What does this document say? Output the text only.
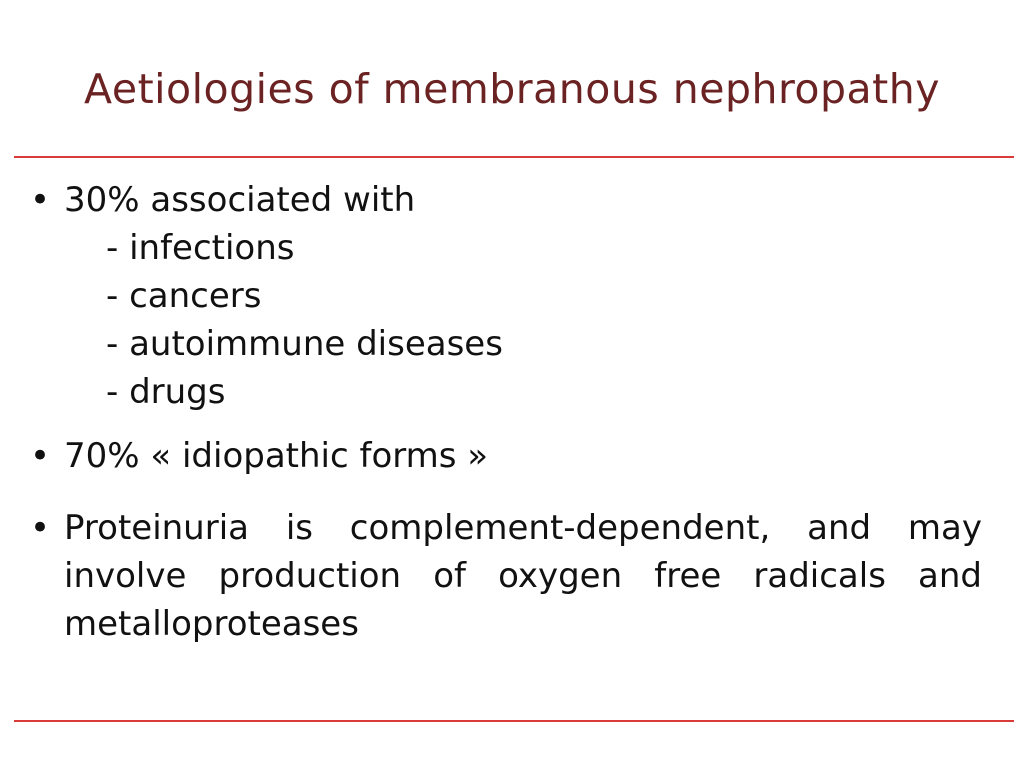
Aetiologies of membranous nephropathy
• 30% associated with
- infections
- cancers
- autoimmune diseases
- drugs
• 70% « idiopathic forms »
• Proteinuria is complement-dependent, and may involve production of oxygen free radicals and metalloproteases
